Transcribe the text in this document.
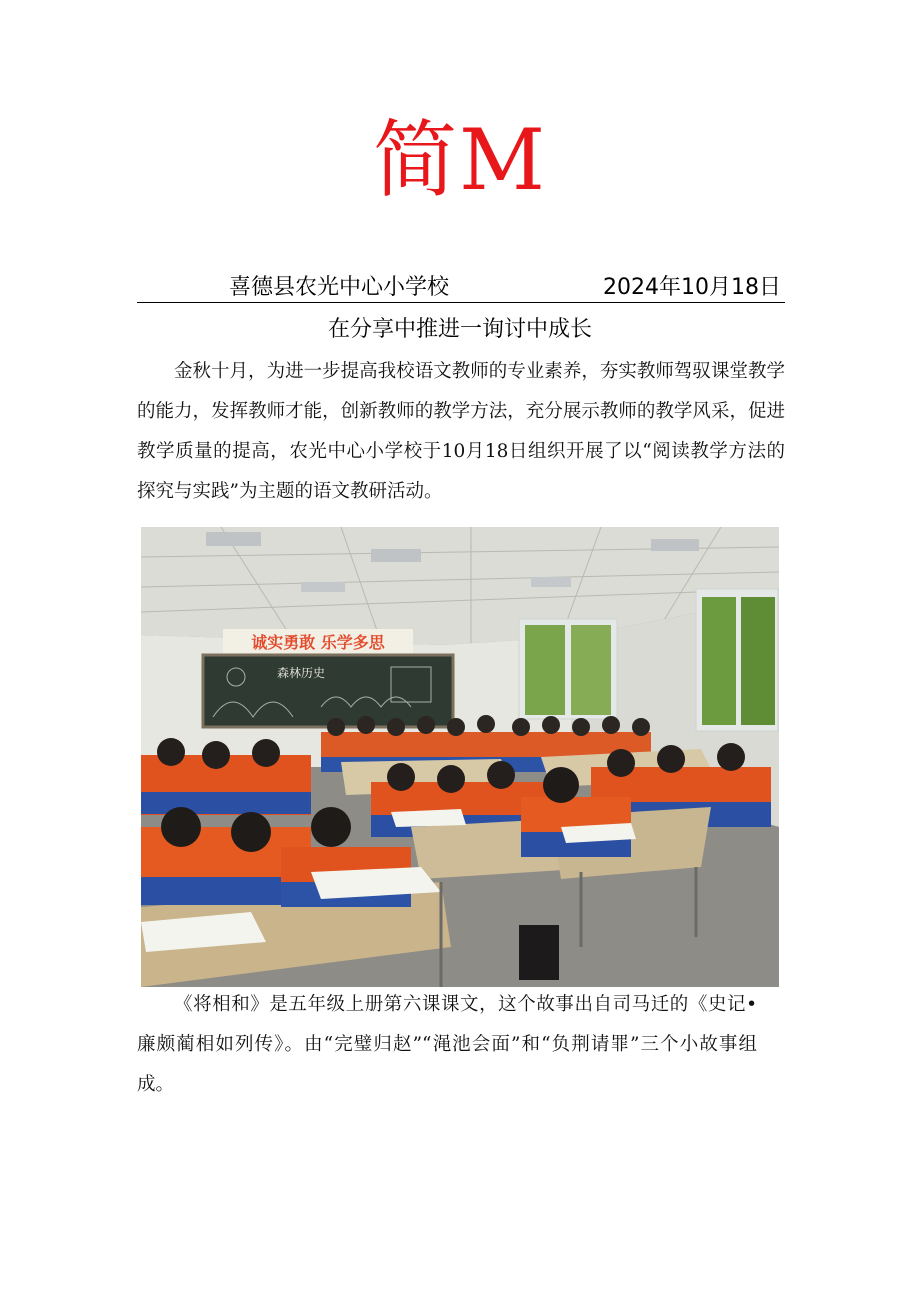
简M
喜德县农光中心小学校	2024年10月18日
在分享中推进一询讨中成长

金秋十月，为进一步提高我校语文教师的专业素养，夯实教师驾驭课堂教学的能力，发挥教师才能，创新教师的教学方法，充分展示教师的教学风采，促进教学质量的提高，农光中心小学校于10月18日组织开展了以“阅读教学方法的探究与实践”为主题的语文教研活动。

诚实勇敢 乐学多思
森林历史

《将相和》是五年级上册第六课课文，这个故事出自司马迁的《史记•廉颇蔺相如列传》。由“完璧归赵”“渑池会面”和“负荆请罪”三个小故事组成。
